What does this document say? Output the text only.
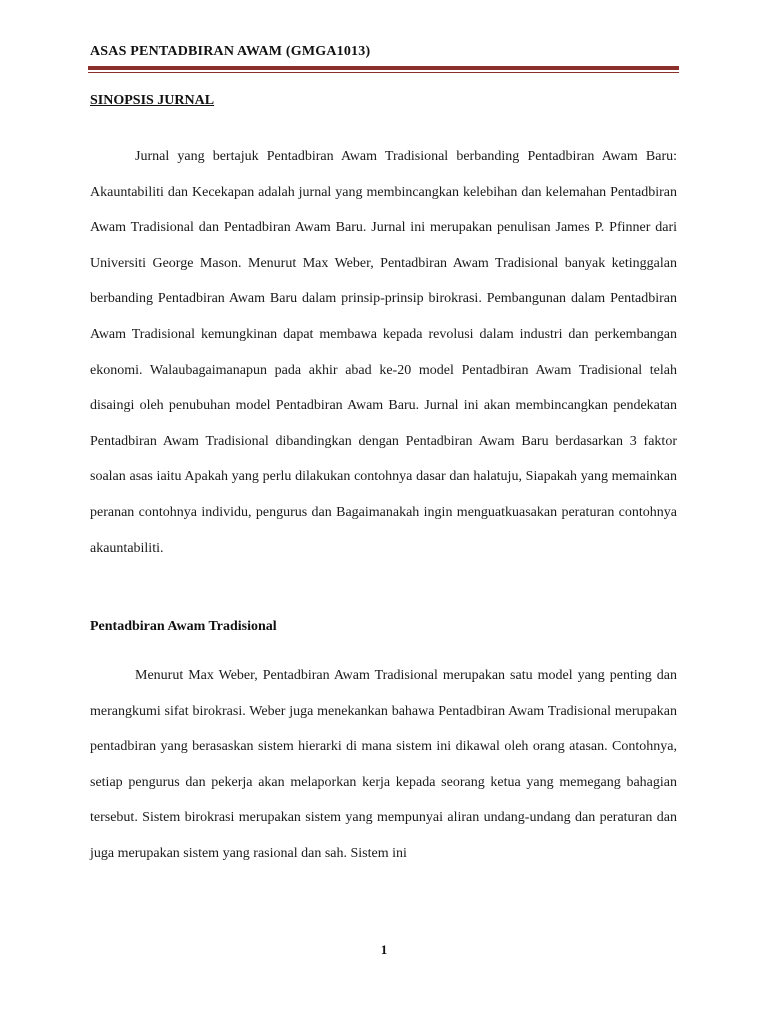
ASAS PENTADBIRAN AWAM (GMGA1013)
SINOPSIS JURNAL

Jurnal yang bertajuk Pentadbiran Awam Tradisional berbanding Pentadbiran Awam Baru: Akauntabiliti dan Kecekapan adalah jurnal yang membincangkan kelebihan dan kelemahan Pentadbiran Awam Tradisional dan Pentadbiran Awam Baru. Jurnal ini merupakan penulisan James P. Pfinner dari Universiti George Mason. Menurut Max Weber, Pentadbiran Awam Tradisional banyak ketinggalan berbanding Pentadbiran Awam Baru dalam prinsip-prinsip birokrasi. Pembangunan dalam Pentadbiran Awam Tradisional kemungkinan dapat membawa kepada revolusi dalam industri dan perkembangan ekonomi. Walaubagaimanapun pada akhir abad ke-20 model Pentadbiran Awam Tradisional telah disaingi oleh penubuhan model Pentadbiran Awam Baru. Jurnal ini akan membincangkan pendekatan Pentadbiran Awam Tradisional dibandingkan dengan Pentadbiran Awam Baru berdasarkan 3 faktor soalan asas iaitu Apakah yang perlu dilakukan contohnya dasar dan halatuju, Siapakah yang memainkan peranan contohnya individu, pengurus dan Bagaimanakah ingin menguatkuasakan peraturan contohnya akauntabiliti.

Pentadbiran Awam Tradisional

Menurut Max Weber, Pentadbiran Awam Tradisional merupakan satu model yang penting dan merangkumi sifat birokrasi. Weber juga menekankan bahawa Pentadbiran Awam Tradisional merupakan pentadbiran yang berasaskan sistem hierarki di mana sistem ini dikawal oleh orang atasan. Contohnya, setiap pengurus dan pekerja akan melaporkan kerja kepada seorang ketua yang memegang bahagian tersebut. Sistem birokrasi merupakan sistem yang mempunyai aliran undang-undang dan peraturan dan juga merupakan sistem yang rasional dan sah. Sistem ini

1
